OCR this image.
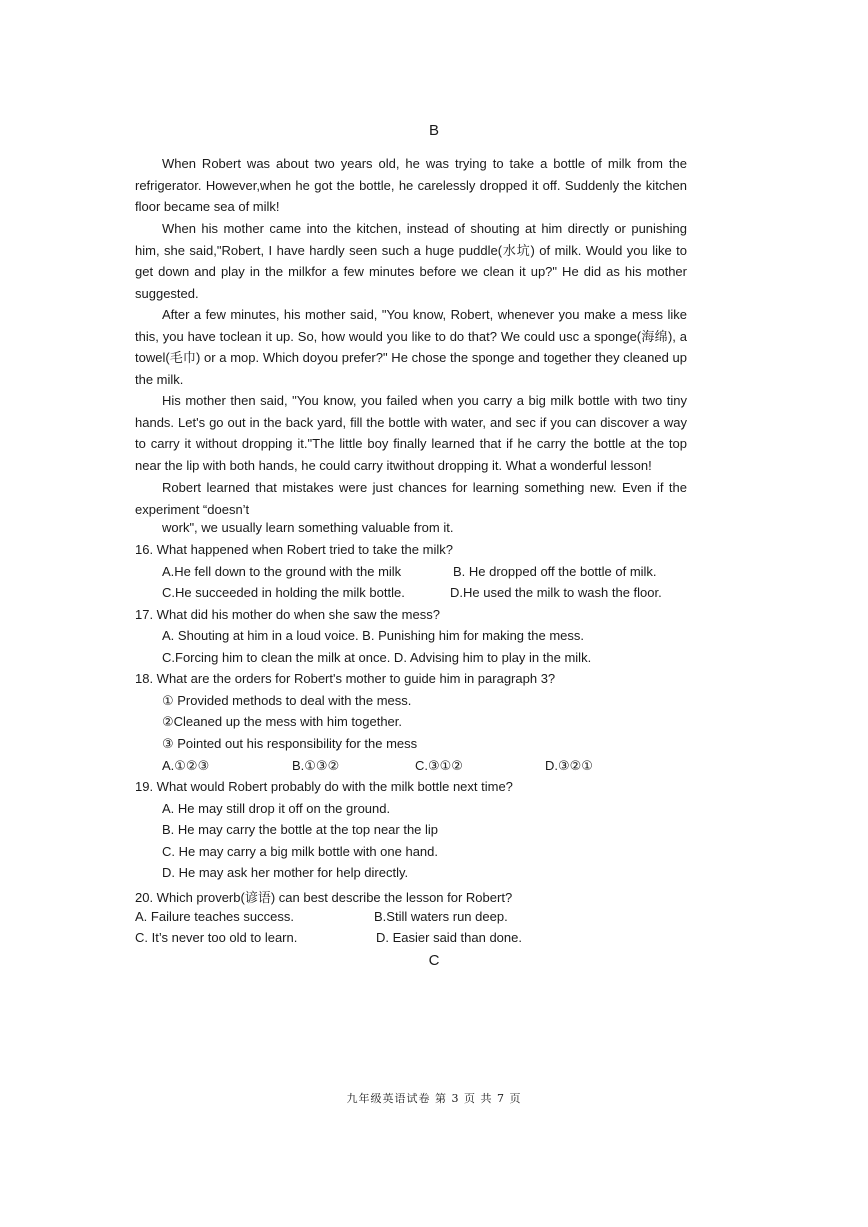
B
When Robert was about two years old, he was trying to take a bottle of milk from the refrigerator. However,when he got the bottle, he carelessly dropped it off. Suddenly the kitchen floor became sea of milk!
When his mother came into the kitchen, instead of shouting at him directly or punishing him, she said,"Robert, I have hardly seen such a huge puddle(水坑) of milk. Would you like to get down and play in the milkfor a few minutes before we clean it up?" He did as his mother suggested.
After a few minutes, his mother said, "You know, Robert, whenever you make a mess like this, you have toclean it up. So, how would you like to do that? We could usc a sponge(海绵), a towel(毛巾) or a mop. Which doyou prefer?" He chose the sponge and together they cleaned up the milk.
His mother then said, "You know, you failed when you carry a big milk bottle with two tiny hands. Let's go out in the back yard, fill the bottle with water, and sec if you can discover a way to carry it without dropping it."The little boy finally learned that if he carry the bottle at the top near the lip with both hands, he could carry itwithout dropping it. What a wonderful lesson!
Robert learned that mistakes were just chances for learning something new. Even if the experiment “doesn’t
work", we usually learn something valuable from it.
16. What happened when Robert tried to take the milk?
A.He fell down to the ground with the milk	B. He dropped off the bottle of milk.
C.He succeeded in holding the milk bottle.	D.He used the milk to wash the floor.
17. What did his mother do when she saw the mess?
A. Shouting at him in a loud voice. B. Punishing him for making the mess.
C.Forcing him to clean the milk at once. D. Advising him to play in the milk.
18. What are the orders for Robert's mother to guide him in paragraph 3?
① Provided methods to deal with the mess.
②Cleaned up the mess with him together.
③ Pointed out his responsibility for the mess
A.①②③	B.①③②	C.③①②	D.③②①
19. What would Robert probably do with the milk bottle next time?
A. He may still drop it off on the ground.
B. He may carry the bottle at the top near the lip
C. He may carry a big milk bottle with one hand.
D. He may ask her mother for help directly.
20. Which proverb(谚语) can best describe the lesson for Robert?
A. Failure teaches success.	B.Still waters run deep.
C. It’s never too old to learn.	D. Easier said than done.
C
九年级英语试卷 第 3 页 共 7 页
